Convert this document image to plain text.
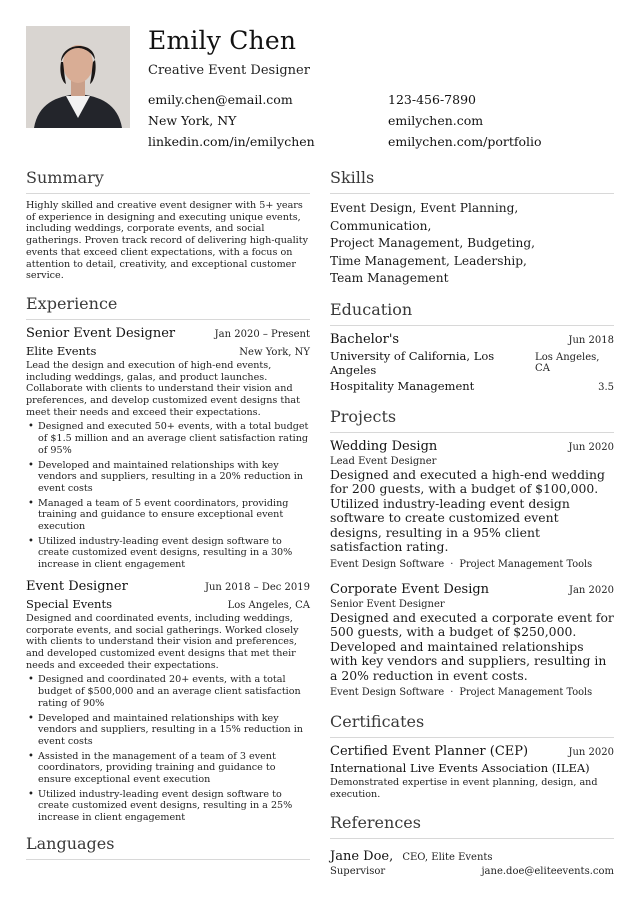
Emily Chen
Creative Event Designer
emily.chen@email.com	123-456-7890
New York, NY	emilychen.com
linkedin.com/in/emilychen	emilychen.com/portfolio
Summary

Highly skilled and creative event designer with 5+ years of experience in designing and executing unique events, including weddings, corporate events, and social gatherings. Proven track record of delivering high-quality events that exceed client expectations, with a focus on attention to detail, creativity, and exceptional customer service.

Experience
Senior Event Designer	Jan 2020 – Present
Elite Events	New York, NY

Lead the design and execution of high-end events, including weddings, galas, and product launches. Collaborate with clients to understand their vision and preferences, and develop customized event designs that meet their needs and exceed their expectations.

• Designed and executed 50+ events, with a total budget of $1.5 million and an average client satisfaction rating of 95%
• Developed and maintained relationships with key vendors and suppliers, resulting in a 20% reduction in event costs
• Managed a team of 5 event coordinators, providing training and guidance to ensure exceptional event execution
• Utilized industry-leading event design software to create customized event designs, resulting in a 30% increase in client engagement
Event Designer	Jun 2018 – Dec 2019
Special Events	Los Angeles, CA

Designed and coordinated events, including weddings, corporate events, and social gatherings. Worked closely with clients to understand their vision and preferences, and developed customized event designs that met their needs and exceeded their expectations.

• Designed and coordinated 20+ events, with a total budget of $500,000 and an average client satisfaction rating of 90%
• Developed and maintained relationships with key vendors and suppliers, resulting in a 15% reduction in event costs
• Assisted in the management of a team of 3 event coordinators, providing training and guidance to ensure exceptional event execution
• Utilized industry-leading event design software to create customized event designs, resulting in a 25% increase in client engagement
Languages
Skills
Event Design, Event Planning, Communication,
Project Management, Budgeting,
Time Management, Leadership,
Team Management
Education
Bachelor's	Jun 2018
University of California, Los Angeles
Los Angeles, CA
Hospitality Management	3.5
Projects
Wedding Design	Jun 2020
Lead Event Designer

Designed and executed a high-end wedding for 200 guests, with a budget of $100,000. Utilized industry-leading event design software to create customized event designs, resulting in a 95% client satisfaction rating.

Event Design Software · Project Management Tools
Corporate Event Design	Jan 2020
Senior Event Designer

Designed and executed a corporate event for 500 guests, with a budget of $250,000. Developed and maintained relationships with key vendors and suppliers, resulting in a 20% reduction in event costs.

Event Design Software · Project Management Tools
Certificates
Certified Event Planner (CEP)	Jun 2020
International Live Events Association (ILEA)

Demonstrated expertise in event planning, design, and execution.

References
Jane Doe, CEO, Elite Events
Supervisor	jane.doe@eliteevents.com
